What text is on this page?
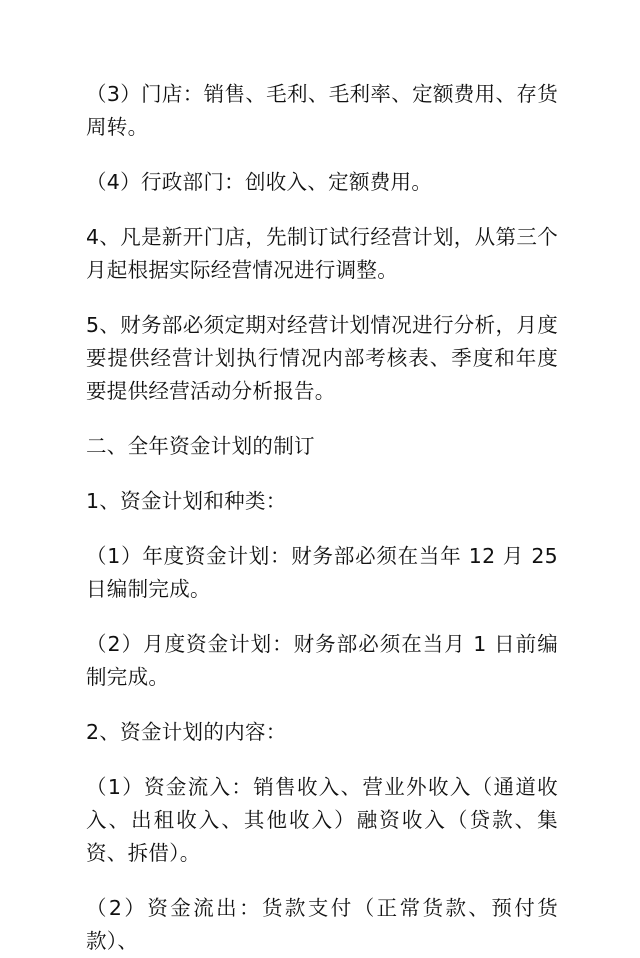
（3）门店：销售、毛利、毛利率、定额费用、存货周转。

（4）行政部门：创收入、定额费用。

4、凡是新开门店，先制订试行经营计划，从第三个月起根据实际经营情况进行调整。

5、财务部必须定期对经营计划情况进行分析，月度要提供经营计划执行情况内部考核表、季度和年度要提供经营活动分析报告。

二、全年资金计划的制订

1、资金计划和种类：

（1）年度资金计划：财务部必须在当年 12 月 25 日编制完成。

（2）月度资金计划：财务部必须在当月 1 日前编制完成。

2、资金计划的内容：

（1）资金流入：销售收入、营业外收入（通道收入、出租收入、其他收入）融资收入（贷款、集资、拆借）。

（2）资金流出：货款支付（正常货款、预付货款）、
